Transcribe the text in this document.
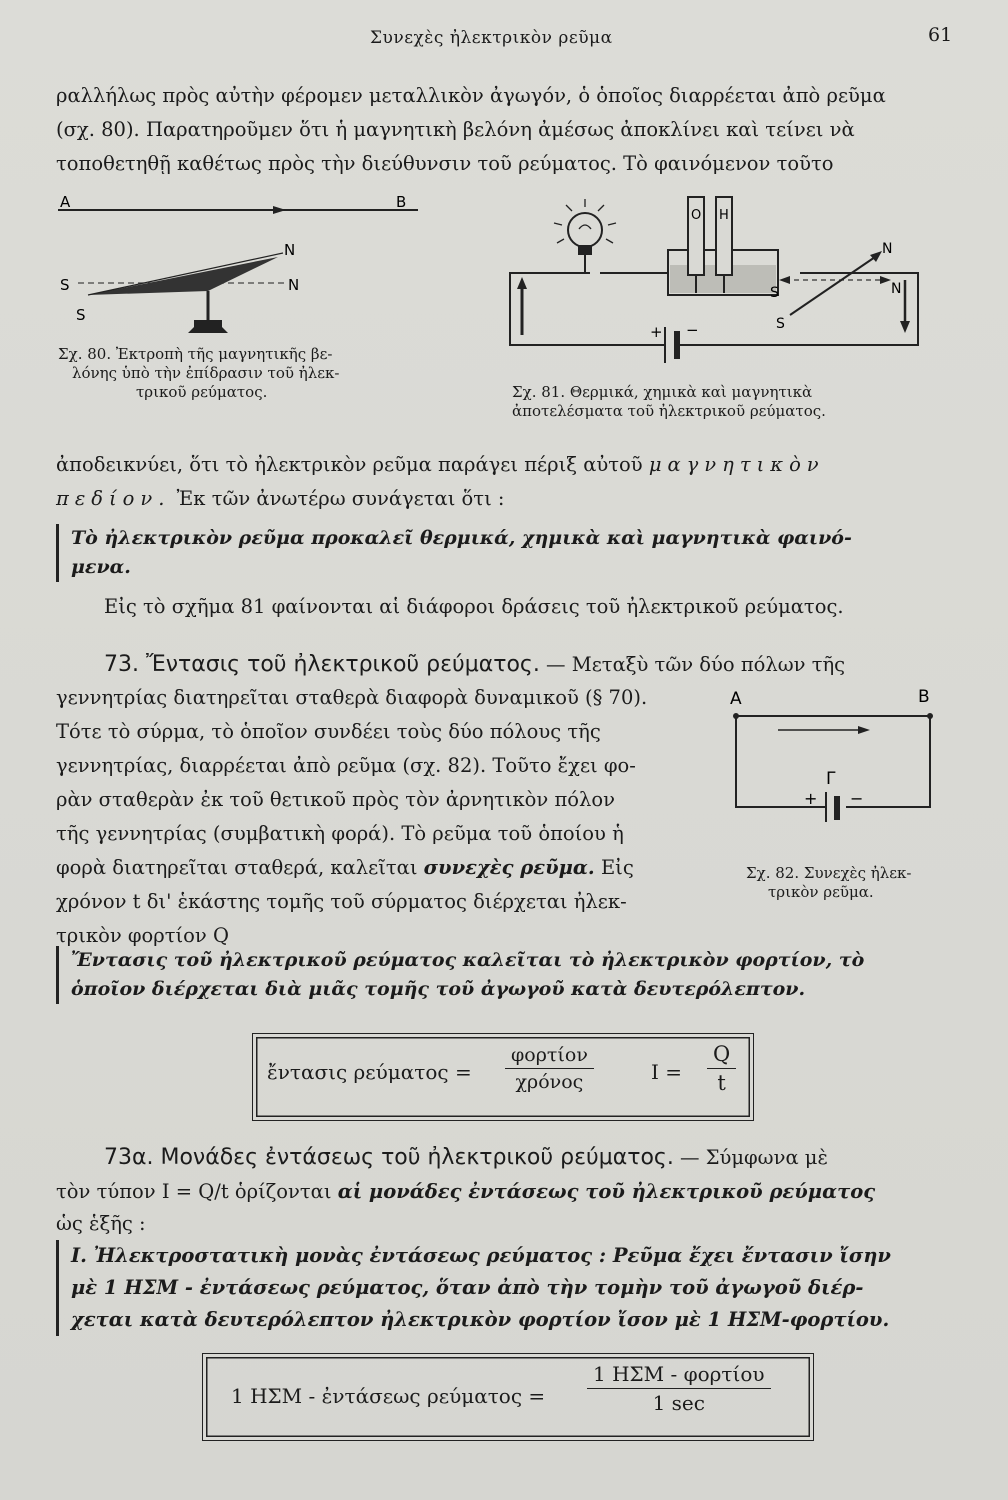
Συνεχὲς ἠλεκτρικὸν ρεῦμα	61

ραλλήλως πρὸς αὐτὴν φέρομεν μεταλλικὸν ἀγωγόν, ὁ ὁποῖος διαρρέεται ἀπὸ ρεῦμα

(σχ. 80). Παρατηροῦμεν ὅτι ἡ μαγνητικὴ βελόνη ἀμέσως ἀποκλίνει καὶ τείνει νὰ

τοποθετηθῇ καθέτως πρὸς τὴν διεύθυνσιν τοῦ ρεύματος. Τὸ φαινόμενον τοῦτο

A	B
N
N
S
S
Σχ. 80. Ἐκτροπὴ τῆς μαγνητικῆς βε-
λόνης ὑπὸ τὴν ἐπίδρασιν τοῦ ἠλεκ-
τρικοῦ ρεύματος.
O H
N
N
S
S
+ −
Σχ. 81. Θερμικά, χημικὰ καὶ μαγνητικὰ
ἀποτελέσματα τοῦ ἠλεκτρικοῦ ρεύματος.

ἀποδεικνύει, ὅτι τὸ ἠλεκτρικὸν ρεῦμα παράγει πέριξ αὐτοῦ μαγνητικὸν

πεδίον. Ἐκ τῶν ἀνωτέρω συνάγεται ὅτι :

Τὸ ἠλεκτρικὸν ρεῦμα προκαλεῖ θερμικά, χημικὰ καὶ μαγνητικὰ φαινό-
μενα.

Εἰς τὸ σχῆμα 81 φαίνονται αἱ διάφοροι δράσεις τοῦ ἠλεκτρικοῦ ρεύματος.

73. Ἔντασις τοῦ ἠλεκτρικοῦ ρεύματος. — Μεταξὺ τῶν δύο πόλων τῆς

γεννητρίας διατηρεῖται σταθερὰ διαφορὰ δυναμικοῦ (§ 70).

Τότε τὸ σύρμα, τὸ ὁποῖον συνδέει τοὺς δύο πόλους τῆς

γεννητρίας, διαρρέεται ἀπὸ ρεῦμα (σχ. 82). Τοῦτο ἔχει φο-

ρὰν σταθερὰν ἐκ τοῦ θετικοῦ πρὸς τὸν ἀρνητικὸν πόλον

τῆς γεννητρίας (συμβατικὴ φορά). Τὸ ρεῦμα τοῦ ὁποίου ἡ

φορὰ διατηρεῖται σταθερά, καλεῖται συνεχὲς ρεῦμα. Εἰς

χρόνον t δι' ἑκάστης τομῆς τοῦ σύρματος διέρχεται ἠλεκ-

τρικὸν φορτίον Q

A	B
Γ
+ −
Σχ. 82. Συνεχὲς ἠλεκ-
τρικὸν ρεῦμα.
Ἔντασις τοῦ ἠλεκτρικοῦ ρεύματος καλεῖται τὸ ἠλεκτρικὸν φορτίον, τὸ
ὁποῖον διέρχεται διὰ μιᾶς τομῆς τοῦ ἀγωγοῦ κατὰ δευτερόλεπτον.
ἔντασις ρεύματος =
φορτίον
χρόνος	$I = \frac{Q}{t}$

73α. Μονάδες ἐντάσεως τοῦ ἠλεκτρικοῦ ρεύματος. — Σύμφωνα μὲ

τὸν τύπον I = Q/t ὁρίζονται αἱ μονάδες ἐντάσεως τοῦ ἠλεκτρικοῦ ρεύματος

ὡς ἑξῆς :

I. Ἠλεκτροστατικὴ μονὰς ἐντάσεως ρεύματος : Ρεῦμα ἔχει ἔντασιν ἴσην
μὲ 1 ΗΣΜ - ἐντάσεως ρεύματος, ὅταν ἀπὸ τὴν τομὴν τοῦ ἀγωγοῦ διέρ-
χεται κατὰ δευτερόλεπτον ἠλεκτρικὸν φορτίον ἴσον μὲ 1 ΗΣΜ-φορτίου.
1 ΗΣΜ - ἐντάσεως ρεύματος =
1 ΗΣΜ - φορτίου
1 sec
